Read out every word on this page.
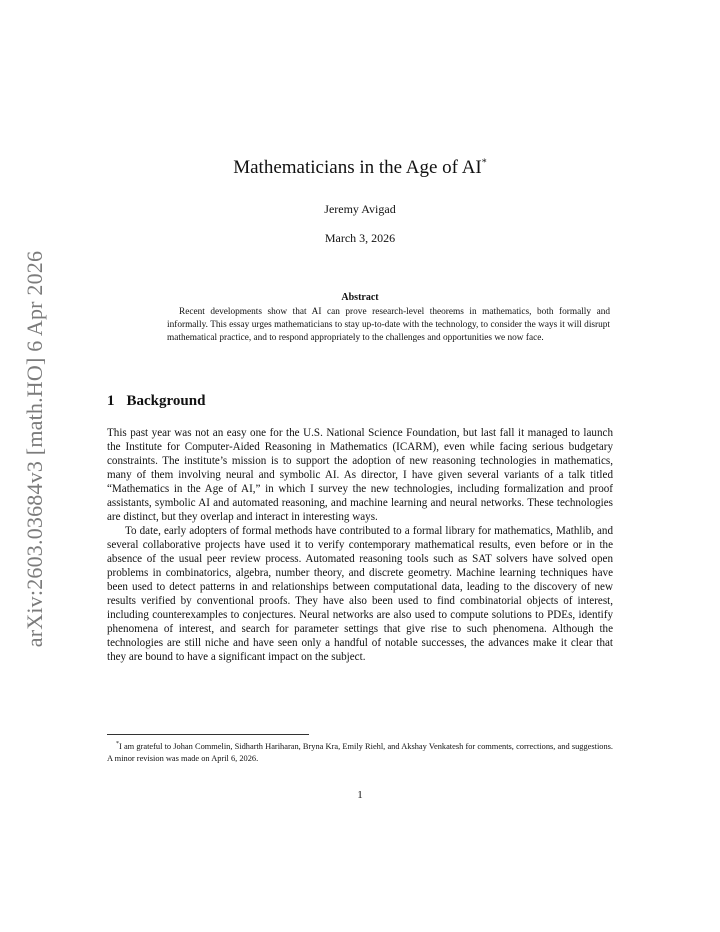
arXiv:2603.03684v3 [math.HO] 6 Apr 2026
Mathematicians in the Age of AI*
Jeremy Avigad
March 3, 2026
Abstract
Recent developments show that AI can prove research-level theorems in mathematics, both formally and informally. This essay urges mathematicians to stay up-to-date with the technology, to consider the ways it will disrupt mathematical practice, and to respond appropriately to the challenges and opportunities we now face.
1 Background

This past year was not an easy one for the U.S. National Science Foundation, but last fall it managed to launch the Institute for Computer-Aided Reasoning in Mathematics (ICARM), even while facing serious budgetary constraints. The institute’s mission is to support the adoption of new reasoning technologies in mathematics, many of them involving neural and symbolic AI. As director, I have given several variants of a talk titled “Mathematics in the Age of AI,” in which I survey the new technologies, including formalization and proof assistants, symbolic AI and automated reasoning, and machine learning and neural networks. These technologies are distinct, but they overlap and interact in interesting ways.

To date, early adopters of formal methods have contributed to a formal library for mathematics, Mathlib, and several collaborative projects have used it to verify contemporary mathematical results, even before or in the absence of the usual peer review process. Automated reasoning tools such as SAT solvers have solved open problems in combinatorics, algebra, number theory, and discrete geometry. Machine learning techniques have been used to detect patterns in and relationships between computational data, leading to the discovery of new results verified by conventional proofs. They have also been used to find combinatorial objects of interest, including counterexamples to conjectures. Neural networks are also used to compute solutions to PDEs, identify phenomena of interest, and search for parameter settings that give rise to such phenomena. Although the technologies are still niche and have seen only a handful of notable successes, the advances make it clear that they are bound to have a significant impact on the subject.

*I am grateful to Johan Commelin, Sidharth Hariharan, Bryna Kra, Emily Riehl, and Akshay Venkatesh for comments, corrections, and suggestions. A minor revision was made on April 6, 2026.
1
